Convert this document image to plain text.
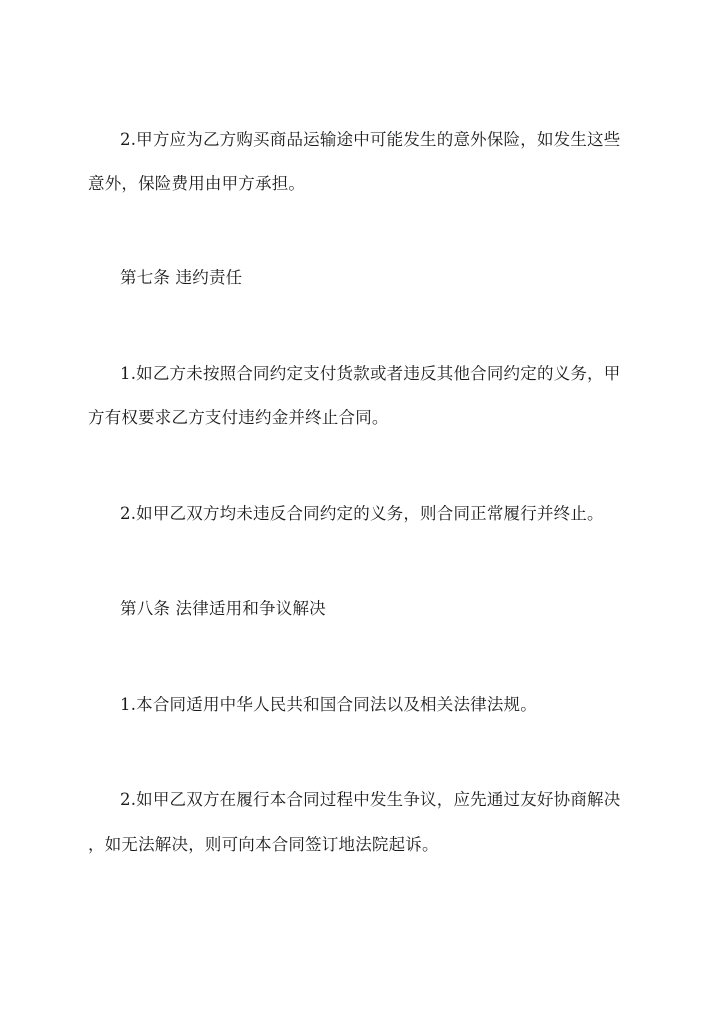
2.甲方应为乙方购买商品运输途中可能发生的意外保险，如发生这些
意外，保险费用由甲方承担。
第七条 违约责任
1.如乙方未按照合同约定支付货款或者违反其他合同约定的义务，甲
方有权要求乙方支付违约金并终止合同。
2.如甲乙双方均未违反合同约定的义务，则合同正常履行并终止。
第八条 法律适用和争议解决
1.本合同适用中华人民共和国合同法以及相关法律法规。
2.如甲乙双方在履行本合同过程中发生争议，应先通过友好协商解决
，如无法解决，则可向本合同签订地法院起诉。
